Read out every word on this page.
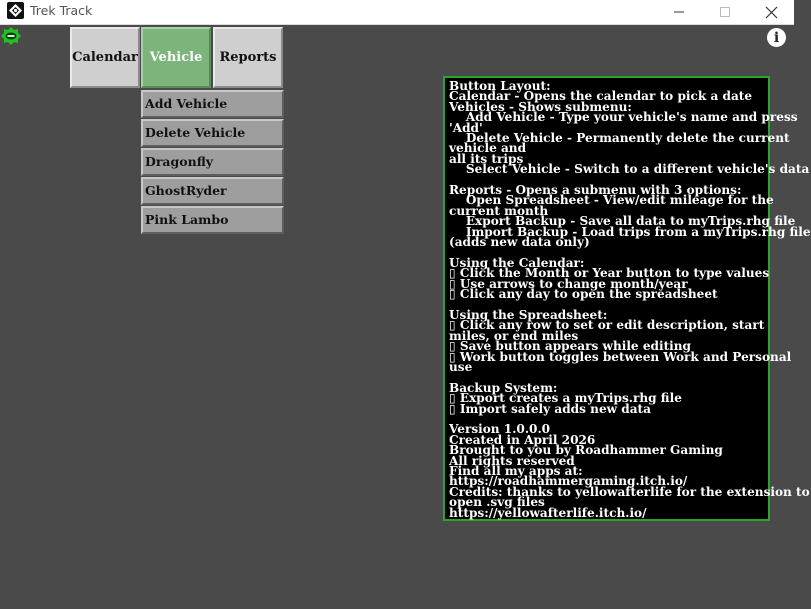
Trek Track
i
Calendar Vehicle	Reports
Add Vehicle
Delete Vehicle
Dragonfly
GhostRyder
Pink Lambo
Button Layout:
Calendar - Opens the calendar to pick a date
Vehicles - Shows submenu:
Add Vehicle - Type your vehicle's name and press
'Add'
Delete Vehicle - Permanently delete the current
vehicle and
all its trips
Select Vehicle - Switch to a different vehicle's data
Reports - Opens a submenu with 3 options:
Open Spreadsheet - View/edit mileage for the
current month
Export Backup - Save all data to myTrips.rhg file
Import Backup - Load trips from a myTrips.rhg file
(adds new data only)
Using the Calendar:
▯ Click the Month or Year button to type values
▯ Use arrows to change month/year
▯ Click any day to open the spreadsheet
Using the Spreadsheet:
▯ Click any row to set or edit description, start
miles, or end miles
▯ Save button appears while editing
▯ Work button toggles between Work and Personal
use
Backup System:
▯ Export creates a myTrips.rhg file
▯ Import safely adds new data
Version 1.0.0.0
Created in April 2026
Brought to you by Roadhammer Gaming
All rights reserved
Find all my apps at:
https://roadhammergaming.itch.io/
Credits: thanks to yellowafterlife for the extension to
open .svg files
https://yellowafterlife.itch.io/
